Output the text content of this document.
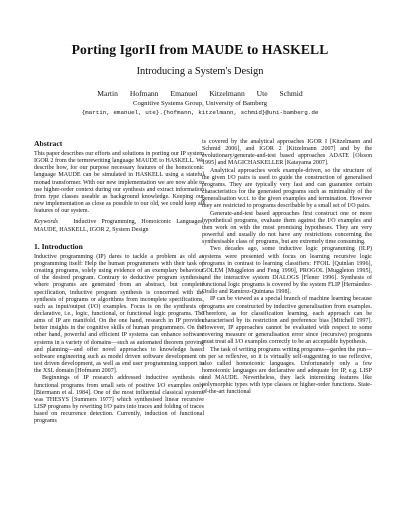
Porting IgorII from MAUDE to HASKELL
Introducing a System's Design
Martin Hofmann Emanuel Kitzelmann Ute Schmid
Cognitive Systems Group, University of Bamberg
{martin, emanuel, ute}.{hofmann, kitzelmann, schmid}@uni-bamberg.de
Abstract

This paper describes our efforts and solutions in porting our IP system IGOR 2 from the termrewriting language MAUDE to HASKELL. We describe how, for our purpose necessary features of the homoiconic language MAUDE can be simulated in HASKELL using a stateful monad transformer. With our new implementation we are now able to use higher-order context during our synthesis and extract information from type classes useable as background knowledge. Keeping our new implementation as close as possible to our old, we could keep all features of our system.

Keywords	Inductive Programming, Homoiconic Languages, MAUDE, HASKELL, IGOR 2, System Design

1. Introduction

Inductive programming (IP) dares to tackle a problem as old as programming itself: Help the human programmers with their task of creating programs, solely using evidence of an exemplary behaviour of the desired program. Contrary to deductive program synthesis, where programs are generated from an abstract, but complete specification, inductive program synthesis is concerned with the synthesis of programs or algorithms from incomplete specifications, such as input/output (I/O) examples. Focus is on the synthesis of declarative, i.e., logic, functional, or functional logic programs. The aims of IP are manifold. On the one hand, research in IP provides better insights in the cognitive skills of human programmers. On the other hand, powerful and efficient IP systems can enhance software systems in a variety of domains—such as automated theorem proving and planning—and offer novel approaches to knowledge based software engineering such as model driven software development or test driven development, as well as end user programming support in the XSL domain [Hofmann 2007].

Beginnings of IP research addressed inductive synthesis of functional programs from small sets of positive I/O examples only [Biermann et al. 1984]. One of the most influential classical systems was THESYS [Summers 1977] which synthesised linear recursive LISP programs by rewriting I/O pairs into traces and folding of traces based on recurrence detection. Currently, induction of functional programs

is covered by the analytical approaches IGOR I [Kitzelmann and Schmid 2006], and IGOR 2 [Kitzelmann 2007] and by the evolutionary/generate-and-test based approaches ADATE [Olsson 1995] and MAGICHASKELLER [Katayama 2007].

Analytical approaches work example-driven, so the structure of the given I/O pairs is used to guide the construction of generalised programs. They are typically very fast and can guarantee certain characteristics for the generated programs such as minimality of the generalisation w.r.t. to the given examples and termination. However they are restricted to programs describable by a small set of I/O pairs.

Generate-and-test based approaches first construct one or more hypothetical programs, evaluate them against the I/O examples and then work on with the most promising hypotheses. They are very powerful and usually do not have any restrictions concerning the synthesisable class of programs, but are extremely time consuming.

Two decades ago, some inductive logic programming (ILP) systems were presented with focus on learning recursive logic programs in contrast to learning classifiers: FFOIL [Quinlan 1996], GOLEM [Muggleton and Feng 1990], PROGOL [Muggleton 1995], and the interactive system DIALOGS [Flener 1996]. Synthesis of functional logic programs is covered by the system FLIP [Hernández-Orallo and Ramírez-Quintana 1998].

IP can be viewed as a special branch of machine learning because programs are constructed by inductive generalisation from examples. Therefore, as for classification learning, each approach can be characterised by its restriction and preference bias [Mitchell 1997]. However, IP approaches cannot be evaluated with respect to some covering measure or generalisation error since (recursive) programs must treat all I/O examples correctly to be an acceptable hypothesis.

The task of writing programs writing programs—garden the pun—is per se reflexive, so it is virtually self-suggesting to use reflexive, also called homoiconic languages. Unfortunately only a few homoiconic languages are declarative and adequate for IP, e.g. LISP and MAUDE. Nevertheless, they lack interesting features like polymorphic types with type classes or higher-order functions. State-of-the-art functional
